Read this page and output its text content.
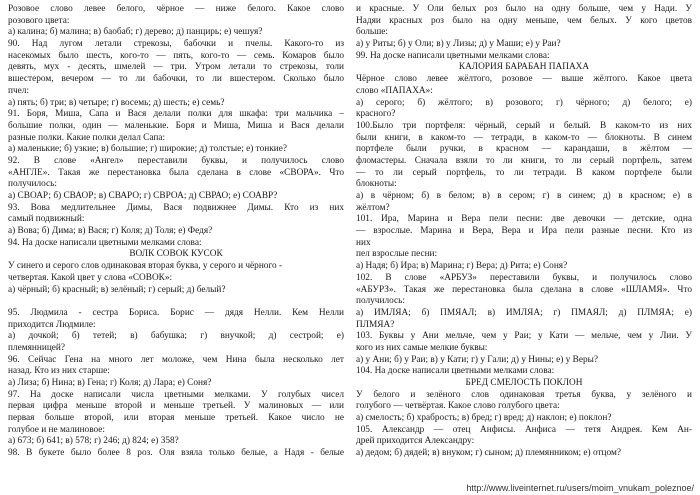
Розовое слово левее белого, чёрное — ниже белого. Какое слово
розового цвета:
а) калина; б) малина; в) баобаб; г) дерево; д) панцирь; е) чешуя?
90. Над лугом летали стрекозы, бабочки и пчелы. Какого-то из
насекомых было шесть, кого-то — пять, кого-то — семь. Комаров было
девять, мух - десять, шмелей — три. Утром летали то стрекозы, толи
вшестером, вечером — то ли бабочки, то ли вшестером. Сколько было
пчел:
а) пять; б) три; в) четыре; г) восемь; д) шесть; е) семь?
91. Боря, Миша, Сапа и Вася делали полки для шкафа: три мальчика –
большие полки, один — маленькие. Боря и Миша, Миша и Вася делали
разные полки. Какие полки делал Сапа:
а) маленькие; б) узкие; в) большие; г) широкие; д) толстые; е) тонкие?
92. В слове «Ангел» переставили буквы, и получилось слово
«АНГЛЕ». Такая же перестановка была сделана в слове «СВОРА». Что
получилось:
а) СВОАР; б) СВАОР; в) СВАРО; г) СВРОА; д) СВРАО; е) СОАВР?
93. Вова медлительнее Димы, Вася подвижнее Димы. Кто из них
самый подвижный:
а) Вова; б) Дима; в) Вася; г) Коля; д) Толя; е) Федя?
94. На доске написали цветными мелками слова:
ВОЛК СОВОК КУСОК
У синего и серого слов одинаковая вторая буква, у серого и чёрного -
четвертая. Какой цвет у слова «СОВОК»:
а) чёрный; б) красный; в) зелёный; г) серый; д) белый?
95. Людмила - сестра Бориса. Борис — дядя Нелли. Кем Нелли
приходится Людмиле:
а) дочкой; б) тетей; в) бабушка; г) внучкой; д) сестрой; е)
племянницей?
96. Сейчас Гена на много лет моложе, чем Нина была несколько лет
назад. Кто из них старше:
а) Лиза; б) Нина; в) Гена; г) Коля; д) Лара; е) Соня?
97. На доске написали числа цветными мелками. У голубых чисел
первая цифра меньше второй и меньше третьей. У малиновых — или
первая больше второй, или вторая меньше третьей. Какое число не
голубое и не малиновое:
а) 673; б) 641; в) 578; г) 246; д) 824; е) 358?
98. В букете было более 8 роз. Оля взяла только белые, а Надя - белые
и красные. У Оли белых роз было на одну больше, чем у Нади. У
Надяи красных роз было на одну меньше, чем белых. У кого цветов
больше:
а) у Риты; б) у Оли; в) у Лизы; д) у Маши; е) у Раи?
99. На доске написали цветными мелками слова:
КАЛОРИЯ БАРАБАН ПАПАХА
Чёрное слово левее жёлтого, розовое — выше жёлтого. Какое цвета
слово «ПАПАХА»:
а) серого; б) жёлтого; в) розового; г) чёрного; д) белого; е)
красного?
100.Было три портфеля: чёрный, серый и белый. В каком-то из них
были книги, в каком-то — тетради, в каком-то — блокноты. В синем
портфеле были ручки, в красном — карандаши, в жёлтом —
фломастеры. Сначала взяли то ли книги, то ли серый портфель, затем
— то ли серый портфель, то ли тетради. В каком портфеле были
блокноты:
а) в чёрном; б) в белом; в) в сером; г) в синем; д) в красном; е) в
жёлтом?
101. Ира, Марина и Вера пели песни: две девочки — детские, одна
— взрослые. Марина и Вера, Вера и Ира пели разные песни. Кто из
них
пел взрослые песни:
а) Надя; б) Ира; в) Марина; г) Вера; д) Рита; е) Соня?
102. В слове «АРБУЗ» переставили буквы, и получилось слово
«АБУРЗ». Такая же перестановка была сделана в слове «ШЛАМЯ». Что
получилось:
а) ИМЛЯА; б) ПМЯАЛ; в) ИМЛЯА; г) ПМАЯЛ; д) ПЛМЯА; е)
ПЛМЯА?
103. Буквы у Ани мельче, чем у Раи; у Кати — мельче, чем у Лии. У
кого из них самые мелкие буквы:
а) у Ани; б) у Раи; в) у Кати; г) у Гали; д) у Нины; е) у Веры?
104. На доске написали цветными мелками слова:
БРЕД СМЕЛОСТЬ ПОКЛОН
У белого и зелёного слов одинаковая третья буква, у зелёного и
голубого — четвёртая. Какое слово голубого цвета:
а) смелость; б) храбрость; в) бред; г) вред; д) наклон; е) поклон?
105. Александр — отец Анфисы. Анфиса — тетя Андрея. Кем Ан-
дрей приходится Александру:
а) дедом; б) дядей; в) внуком; г) сыном; д) племянником; е) отцом?
http://www.liveinternet.ru/users/moim_vnukam_poleznoe/
